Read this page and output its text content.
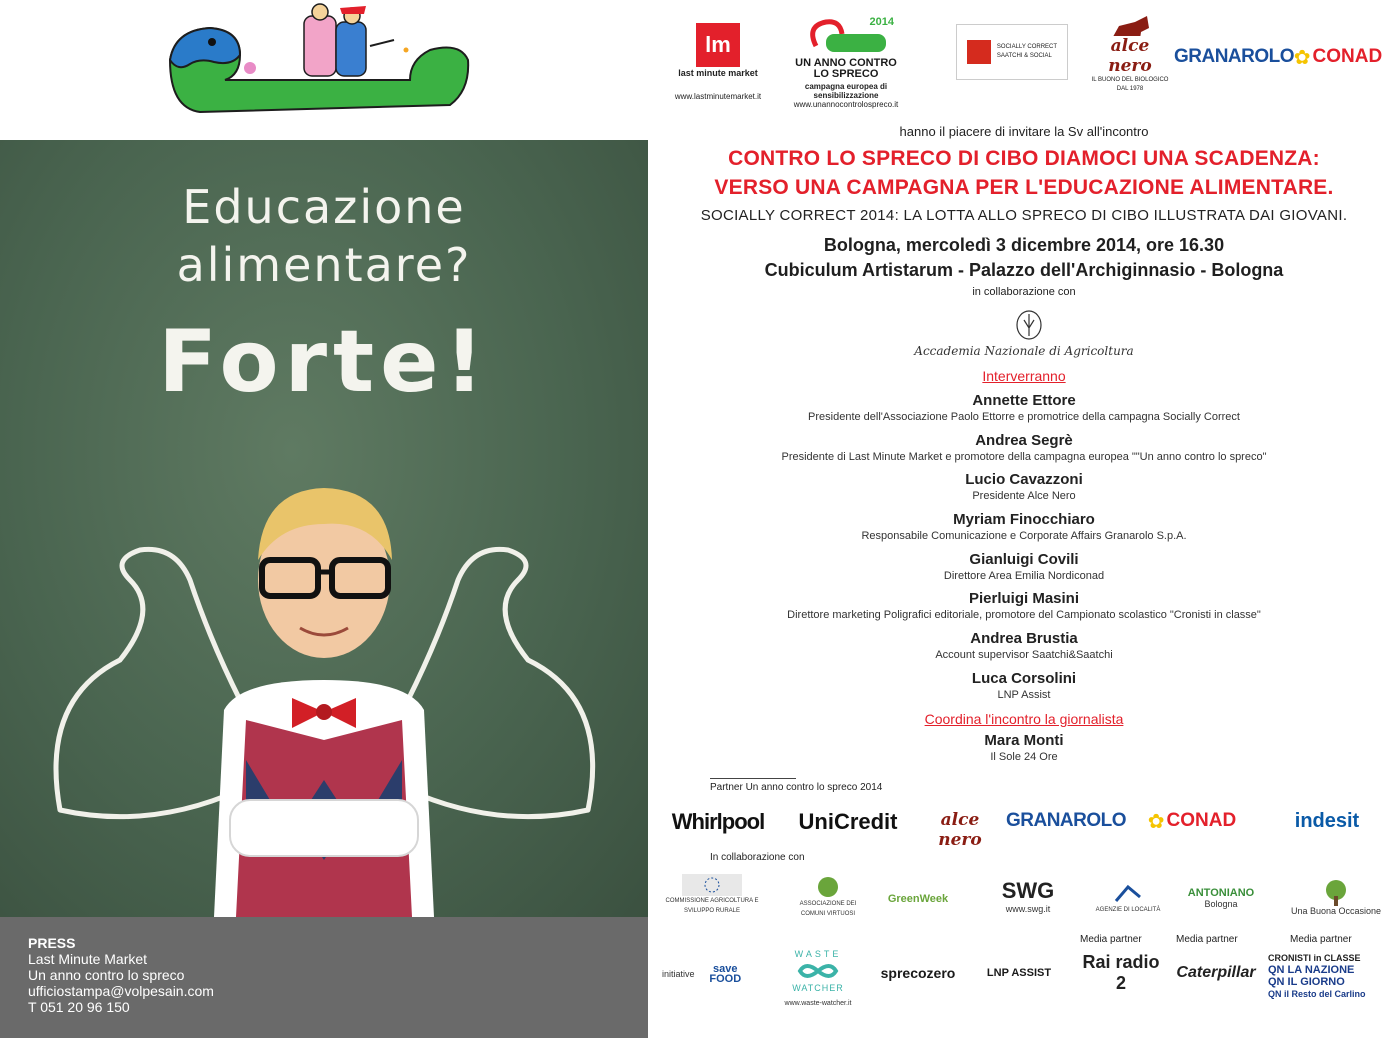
Educazione
alimentare?
Forte!
PRESS
Last Minute Market
Un anno contro lo spreco
ufficiostampa@volpesain.com
T 051 20 96 150
lm
last minute market
www.lastminutemarket.it
2014
UN ANNO CONTRO
LO SPRECO
campagna europea di sensibilizzazione
www.unannocontrolospreco.it
SOCIALLY CORRECT
SAATCHI & SOCIAL	alce nero
IL BUONO DEL BIOLOGICO
DAL 1978
GRANAROLO ✿ CONAD
hanno il piacere di invitare la Sv all'incontro
CONTRO LO SPRECO DI CIBO DIAMOCI UNA SCADENZA:
VERSO UNA CAMPAGNA PER L'EDUCAZIONE ALIMENTARE.
SOCIALLY CORRECT 2014: LA LOTTA ALLO SPRECO DI CIBO ILLUSTRATA DAI GIOVANI.
Bologna, mercoledì 3 dicembre 2014, ore 16.30
Cubiculum Artistarum - Palazzo dell'Archiginnasio - Bologna
in collaborazione con
Accademia Nazionale di Agricoltura
Interverranno
Annette Ettore
Presidente dell'Associazione Paolo Ettorre e promotrice della campagna Socially Correct
Andrea Segrè
Presidente di Last Minute Market e promotore della campagna europea ""Un anno contro lo spreco"
Lucio Cavazzoni
Presidente Alce Nero
Myriam Finocchiaro
Responsabile Comunicazione e Corporate Affairs Granarolo S.p.A.
Gianluigi Covili
Direttore Area Emilia Nordiconad
Pierluigi Masini
Direttore marketing Poligrafici editoriale, promotore del Campionato scolastico "Cronisti in classe"
Andrea Brustia
Account supervisor Saatchi&Saatchi
Luca Corsolini
LNP Assist
Coordina l'incontro la giornalista
Mara Monti
Il Sole 24 Ore
Partner Un anno contro lo spreco 2014
Whirlpool	UniCredit	alce nero
GRANAROLO ✿ CONAD	indesit
In collaborazione con
COMMISSIONE AGRICOLTURA E SVILUPPO RURALE
ASSOCIAZIONE DEI COMUNI VIRTUOSI
GreenWeek	SWG
www.swg.it	AGENZIE DI LOCALITÀ
ANTONIANO
Bologna
Una Buona Occasione
Media partner	Media partner	Media partner
initiative	save FOOD
WASTE
WATCHER
www.waste-watcher.it
sprecozero	LNP ASSIST
Rai radio 2
Caterpillar
CRONISTI in CLASSE
QN LA NAZIONE
QN IL GIORNO
QN il Resto del Carlino
